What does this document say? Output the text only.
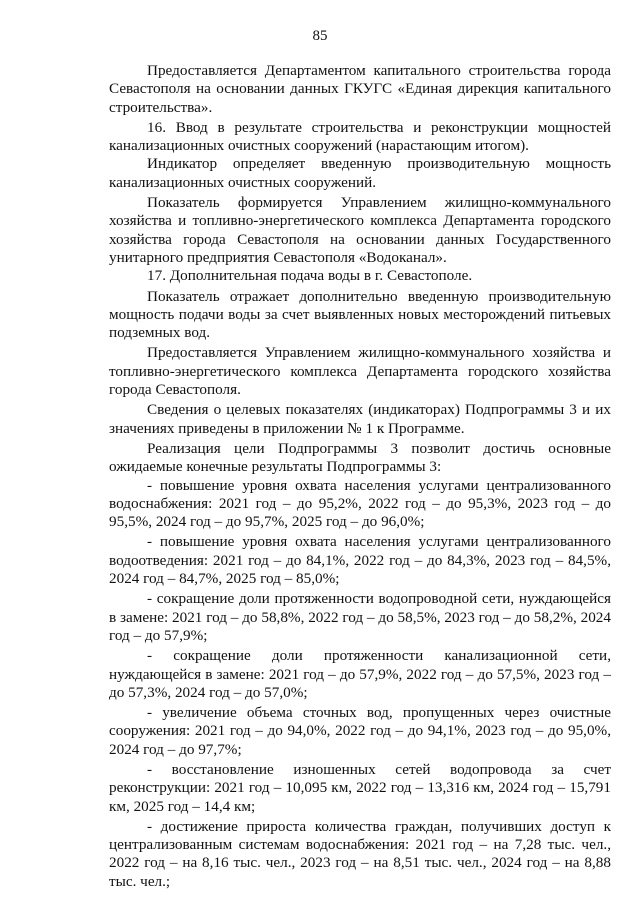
85

Предоставляется Департаментом капитального строительства города Севастополя на основании данных ГКУГС «Единая дирекция капитального строительства».

16. Ввод в результате строительства и реконструкции мощностей канализационных очистных сооружений (нарастающим итогом).

Индикатор определяет введенную производительную мощность канализационных очистных сооружений.

Показатель формируется Управлением жилищно-коммунального хозяйства и топливно-энергетического комплекса Департамента городского хозяйства города Севастополя на основании данных Государственного унитарного предприятия Севастополя «Водоканал».

17. Дополнительная подача воды в г. Севастополе.

Показатель отражает дополнительно введенную производительную мощность подачи воды за счет выявленных новых месторождений питьевых подземных вод.

Предоставляется Управлением жилищно-коммунального хозяйства и топливно-энергетического комплекса Департамента городского хозяйства города Севастополя.

Сведения о целевых показателях (индикаторах) Подпрограммы 3 и их значениях приведены в приложении № 1 к Программе.

Реализация цели Подпрограммы 3 позволит достичь основные ожидаемые конечные результаты Подпрограммы 3:

- повышение уровня охвата населения услугами централизованного водоснабжения: 2021 год – до 95,2%, 2022 год – до 95,3%, 2023 год – до 95,5%, 2024 год – до 95,7%, 2025 год – до 96,0%;

- повышение уровня охвата населения услугами централизованного водоотведения: 2021 год – до 84,1%, 2022 год – до 84,3%, 2023 год – 84,5%, 2024 год – 84,7%, 2025 год – 85,0%;

- сокращение доли протяженности водопроводной сети, нуждающейся в замене: 2021 год – до 58,8%, 2022 год – до 58,5%, 2023 год – до 58,2%, 2024 год – до 57,9%;

- сокращение доли протяженности канализационной сети, нуждающейся в замене: 2021 год – до 57,9%, 2022 год – до 57,5%, 2023 год – до 57,3%, 2024 год – до 57,0%;

- увеличение объема сточных вод, пропущенных через очистные сооружения: 2021 год – до 94,0%, 2022 год – до 94,1%, 2023 год – до 95,0%, 2024 год – до 97,7%;

- восстановление изношенных сетей водопровода за счет реконструкции: 2021 год – 10,095 км, 2022 год – 13,316 км, 2024 год – 15,791 км, 2025 год – 14,4 км;

- достижение прироста количества граждан, получивших доступ к централизованным системам водоснабжения: 2021 год – на 7,28 тыс. чел., 2022 год – на 8,16 тыс. чел., 2023 год – на 8,51 тыс. чел., 2024 год – на 8,88 тыс. чел.;
